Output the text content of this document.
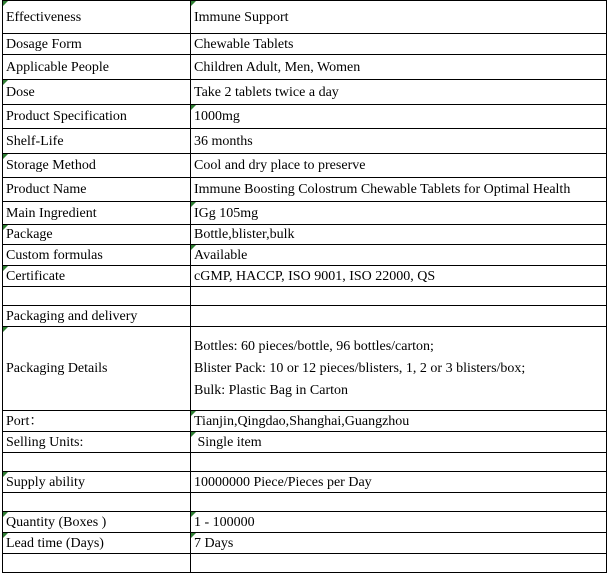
Effectiveness	Immune Support
Dosage Form	Chewable Tablets
Applicable People	Children Adult, Men, Women
Dose	Take 2 tablets twice a day
Product Specification	1000mg
Shelf-Life	36 months
Storage Method	Cool and dry place to preserve
Product Name	Immune Boosting Colostrum Chewable Tablets for Optimal Health
Main Ingredient	IGg 105mg
Package	Bottle,blister,bulk
Custom formulas	Available
Certificate	cGMP, HACCP, ISO 9001, ISO 22000, QS

Packaging and delivery	
Packaging Details	Bottles: 60 pieces/bottle, 96 bottles/carton;
Blister Pack: 10 or 12 pieces/blisters, 1, 2 or 3 blisters/box;
Bulk: Plastic Bag in Carton

Port：	Tianjin,Qingdao,Shanghai,Guangzhou
Selling Units:	Single item

Supply ability	10000000 Piece/Pieces per Day

Quantity (Boxes )	1 - 100000
Lead time (Days)	7 Days
